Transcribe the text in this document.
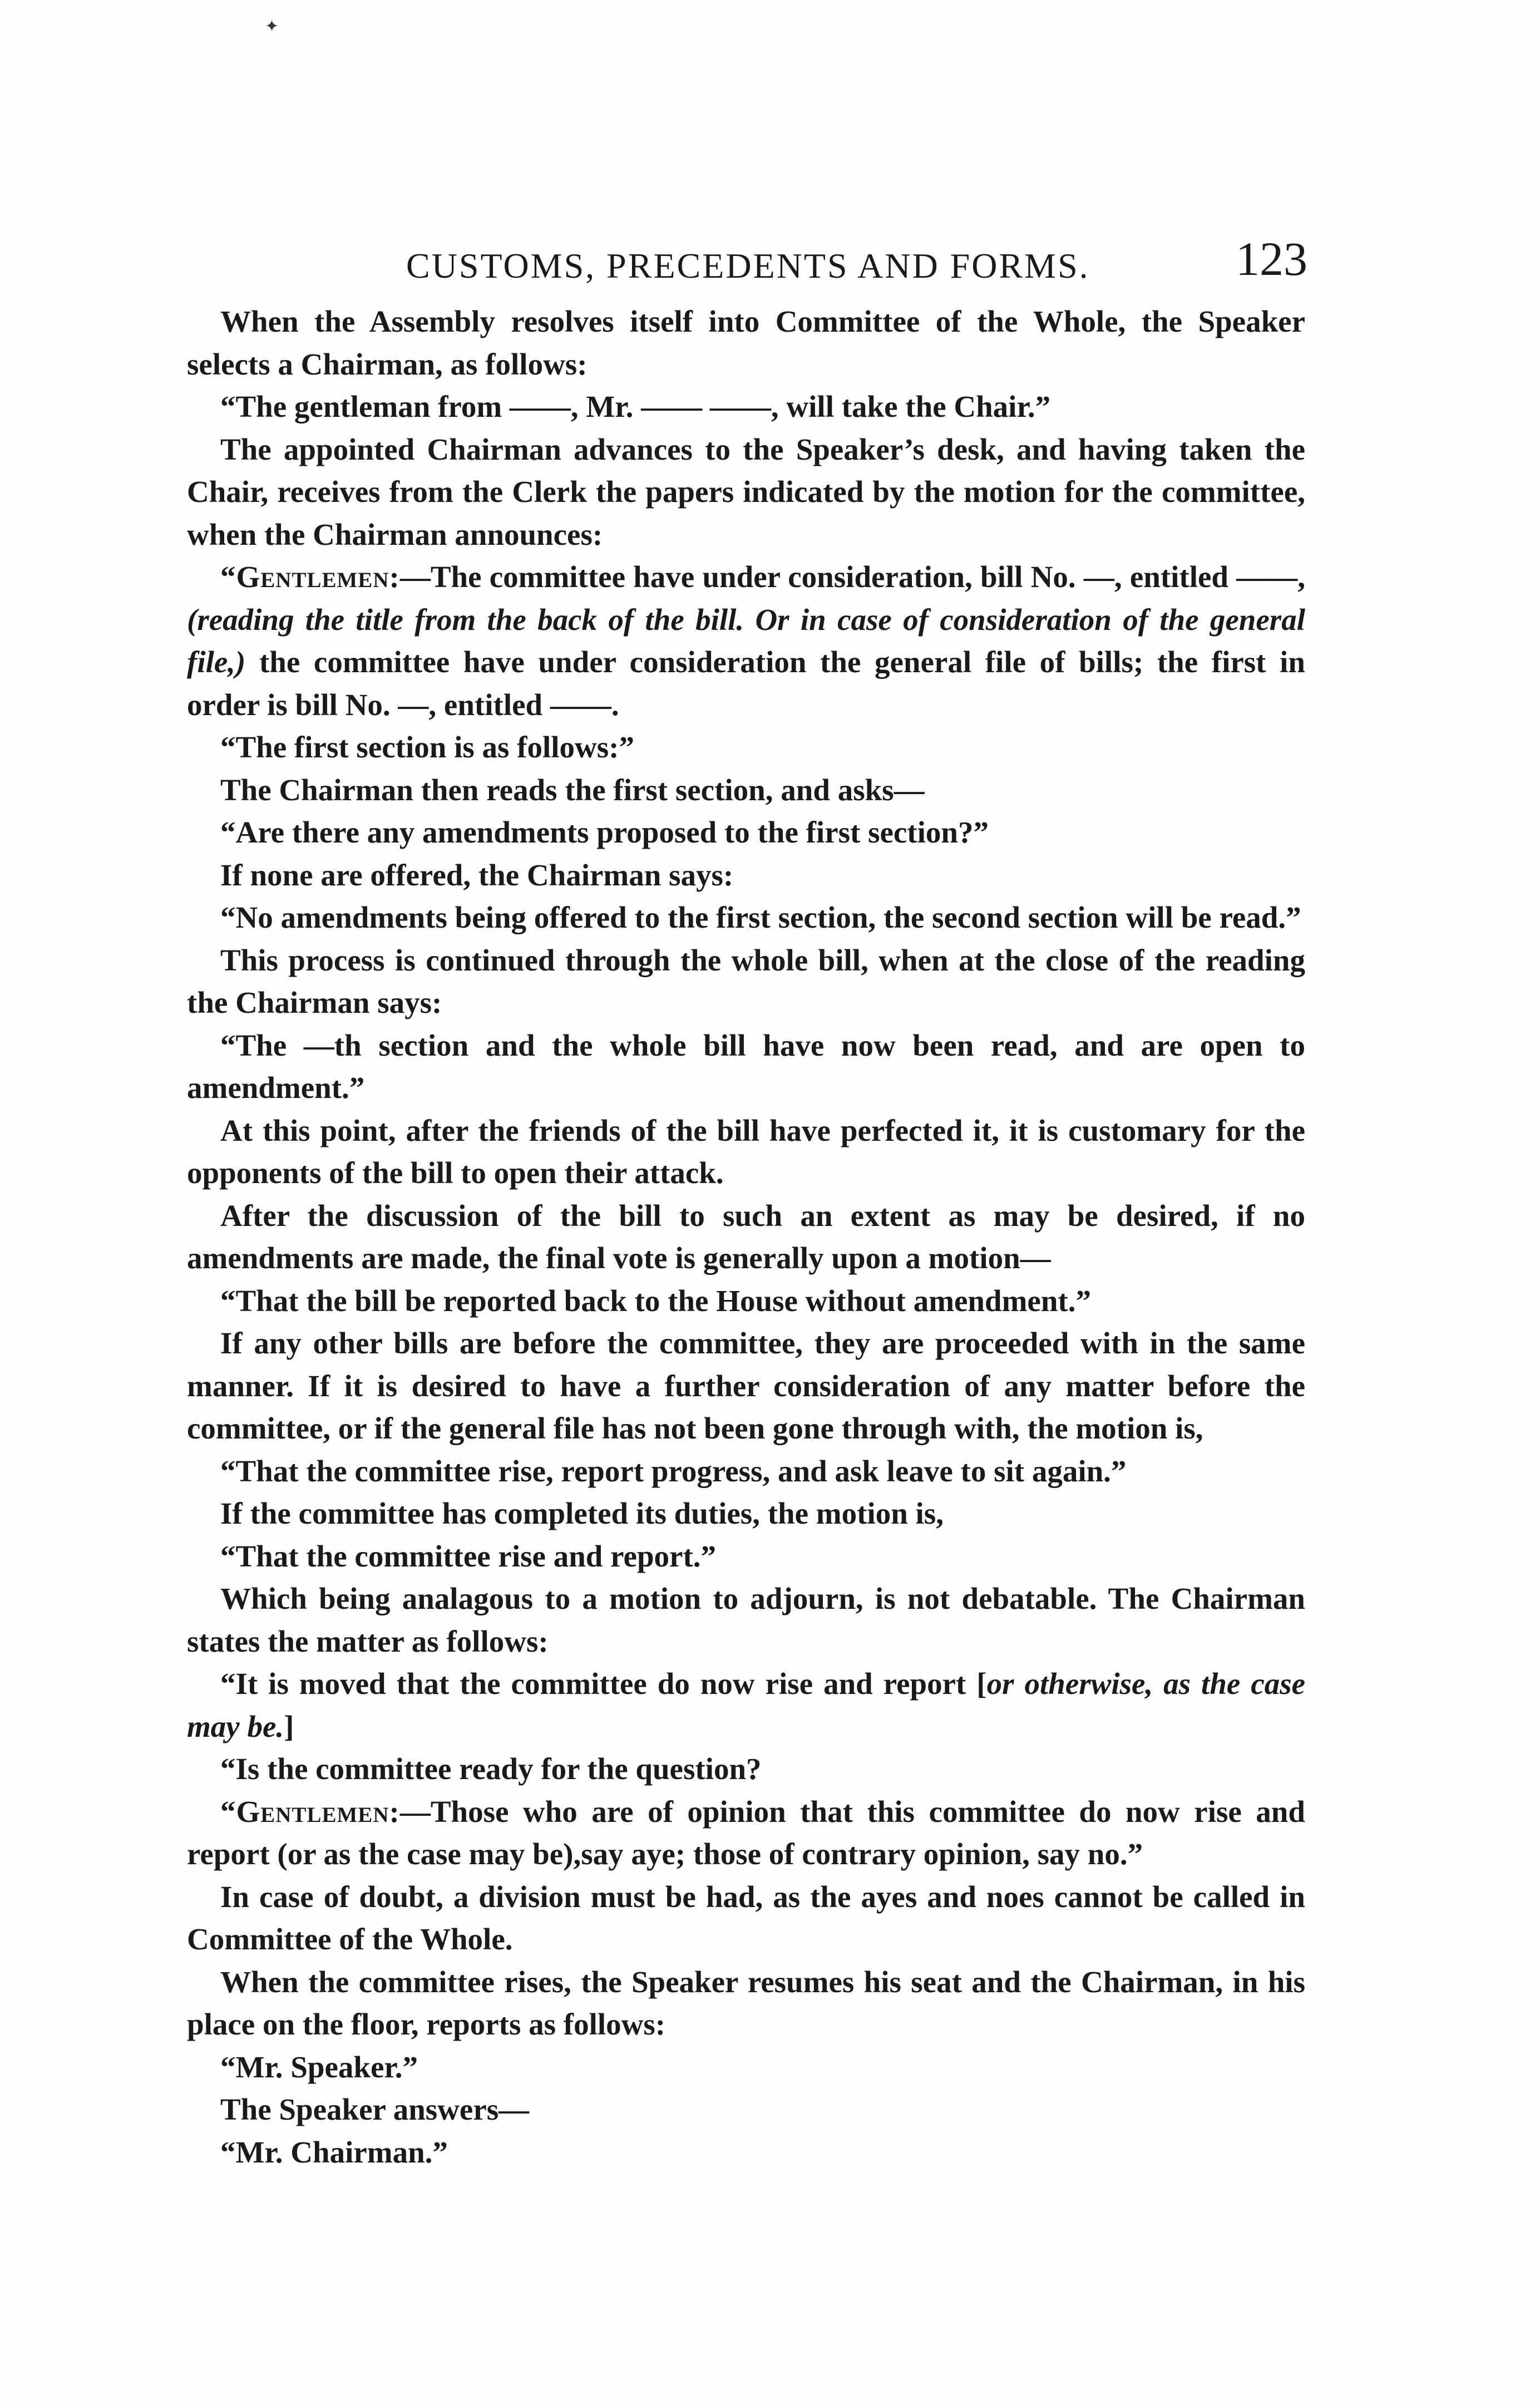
✦
CUSTOMS, PRECEDENTS AND FORMS.	123

When the Assembly resolves itself into Committee of the Whole, the Speaker selects a Chairman, as follows:

“The gentleman from ——, Mr. —— ——, will take the Chair.”

The appointed Chairman advances to the Speaker’s desk, and having taken the Chair, receives from the Clerk the papers indicated by the motion for the committee, when the Chairman announces:

“Gentlemen:—The committee have under consideration, bill No. —, entitled ——, (reading the title from the back of the bill. Or in case of consideration of the general file,) the committee have under consideration the general file of bills; the first in order is bill No. —, entitled ——.

“The first section is as follows:”

The Chairman then reads the first section, and asks—

“Are there any amendments proposed to the first section?”

If none are offered, the Chairman says:

“No amendments being offered to the first section, the second section will be read.”

This process is continued through the whole bill, when at the close of the reading the Chairman says:

“The —th section and the whole bill have now been read, and are open to amendment.”

At this point, after the friends of the bill have perfected it, it is customary for the opponents of the bill to open their attack.

After the discussion of the bill to such an extent as may be desired, if no amendments are made, the final vote is generally upon a motion—

“That the bill be reported back to the House without amendment.”

If any other bills are before the committee, they are proceeded with in the same manner. If it is desired to have a further consideration of any matter before the committee, or if the general file has not been gone through with, the motion is,

“That the committee rise, report progress, and ask leave to sit again.”

If the committee has completed its duties, the motion is,

“That the committee rise and report.”

Which being analagous to a motion to adjourn, is not debatable. The Chairman states the matter as follows:

“It is moved that the committee do now rise and report [or otherwise, as the case may be.]

“Is the committee ready for the question?

“Gentlemen:—Those who are of opinion that this committee do now rise and report (or as the case may be),say aye; those of contrary opinion, say no.”

In case of doubt, a division must be had, as the ayes and noes cannot be called in Committee of the Whole.

When the committee rises, the Speaker resumes his seat and the Chairman, in his place on the floor, reports as follows:

“Mr. Speaker.”

The Speaker answers—

“Mr. Chairman.”
